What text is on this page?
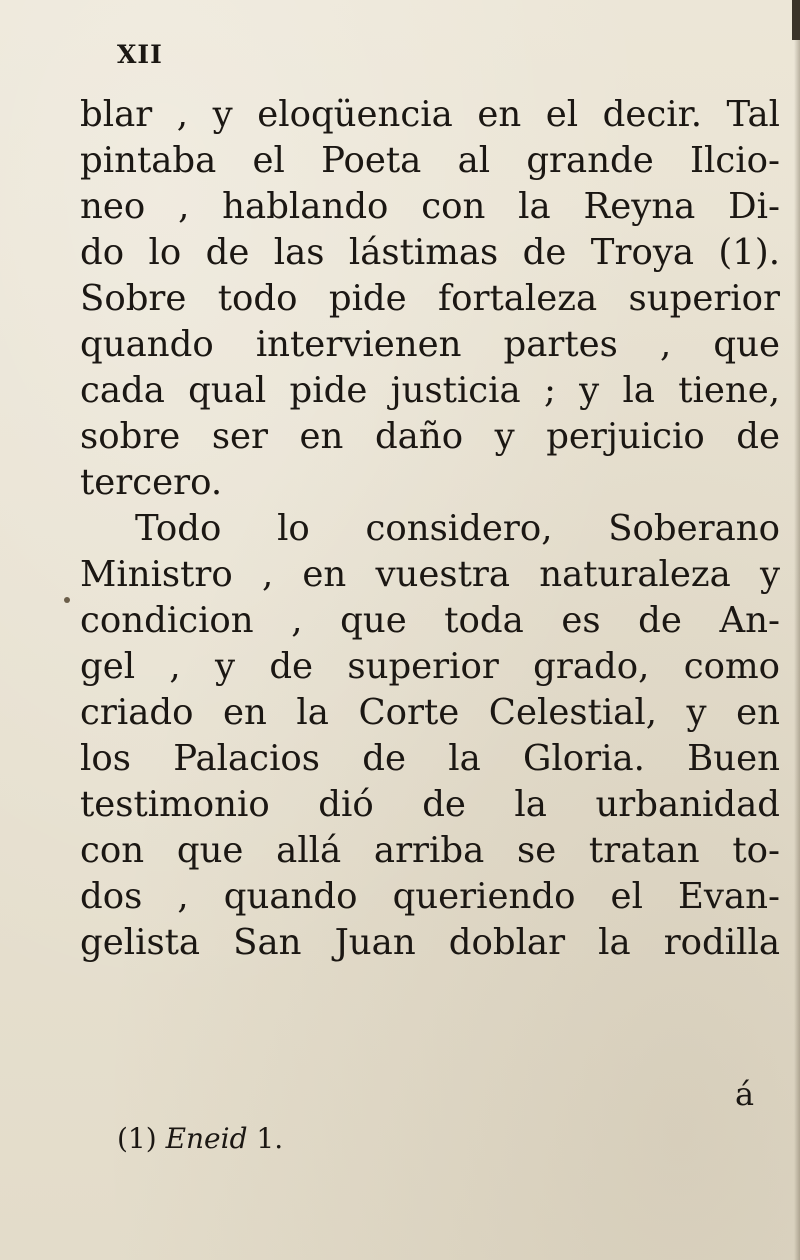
XII
blar , y eloqüencia en el decir. Tal
pintaba el Poeta al grande Ilcio-
neo , hablando con la Reyna Di-
do lo de las lástimas de Troya (1).
Sobre todo pide fortaleza superior
quando intervienen partes , que
cada qual pide justicia ; y la tiene,
sobre ser en daño y perjuicio de
tercero.
Todo lo considero, Soberano
Ministro , en vuestra naturaleza y
condicion , que toda es de An-
gel , y de superior grado, como
criado en la Corte Celestial, y en
los Palacios de la Gloria. Buen
testimonio dió de la urbanidad
con que allá arriba se tratan to-
dos , quando queriendo el Evan-
gelista San Juan doblar la rodilla
á
(1) Eneid 1.
